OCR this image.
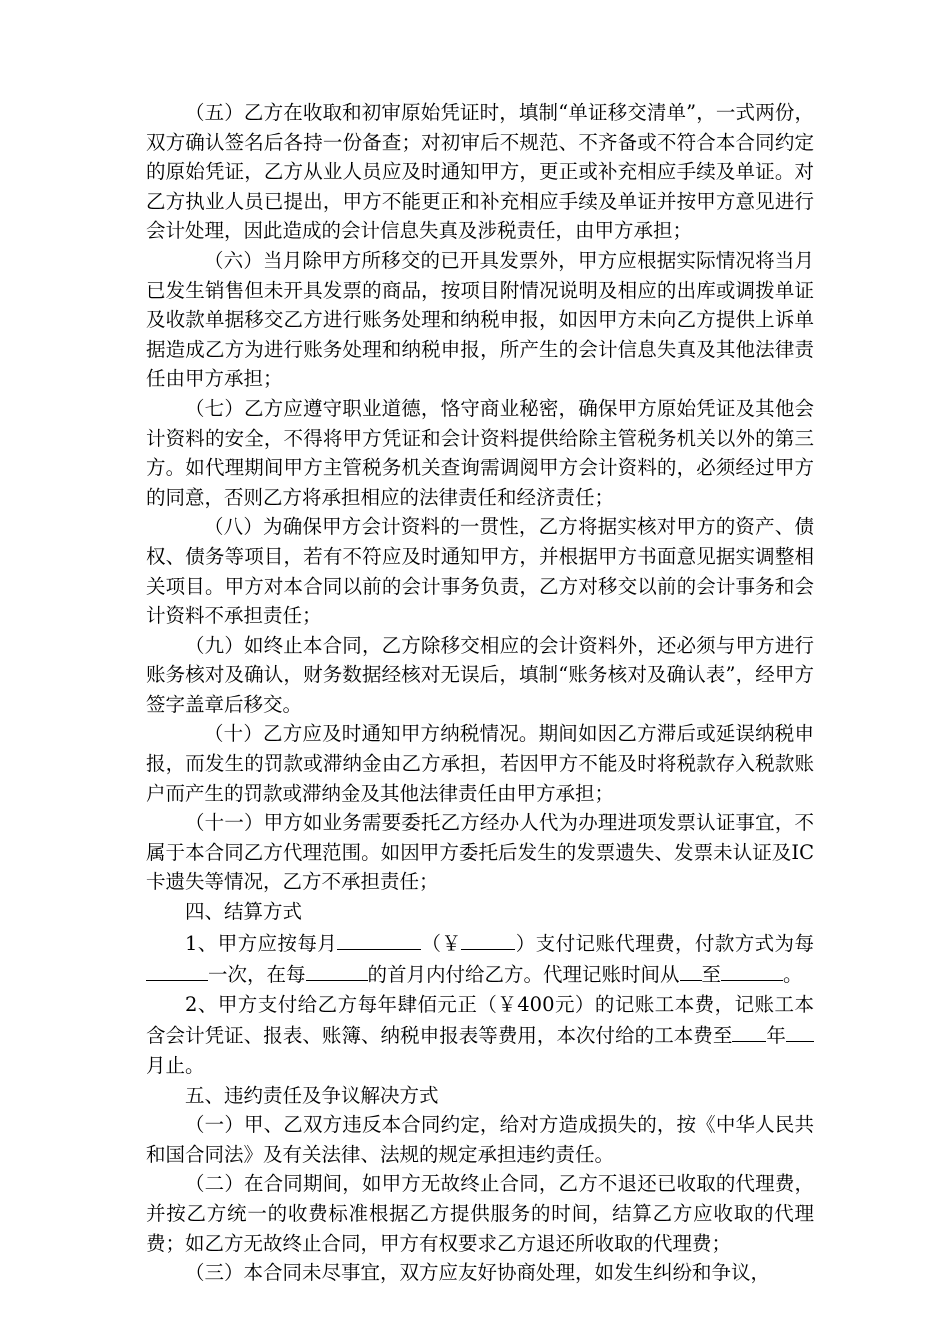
（五）乙方在收取和初审原始凭证时，填制“单证移交清单”，一式两份，双方确认签名后各持一份备查；对初审后不规范、不齐备或不符合本合同约定的原始凭证，乙方从业人员应及时通知甲方，更正或补充相应手续及单证。对乙方执业人员已提出，甲方不能更正和补充相应手续及单证并按甲方意见进行会计处理，因此造成的会计信息失真及涉税责任，由甲方承担；

（六）当月除甲方所移交的已开具发票外，甲方应根据实际情况将当月已发生销售但未开具发票的商品，按项目附情况说明及相应的出库或调拨单证及收款单据移交乙方进行账务处理和纳税申报，如因甲方未向乙方提供上诉单据造成乙方为进行账务处理和纳税申报，所产生的会计信息失真及其他法律责任由甲方承担；

（七）乙方应遵守职业道德，恪守商业秘密，确保甲方原始凭证及其他会计资料的安全，不得将甲方凭证和会计资料提供给除主管税务机关以外的第三方。如代理期间甲方主管税务机关查询需调阅甲方会计资料的，必须经过甲方的同意，否则乙方将承担相应的法律责任和经济责任；

（八）为确保甲方会计资料的一贯性，乙方将据实核对甲方的资产、债权、债务等项目，若有不符应及时通知甲方，并根据甲方书面意见据实调整相关项目。甲方对本合同以前的会计事务负责，乙方对移交以前的会计事务和会计资料不承担责任；

（九）如终止本合同，乙方除移交相应的会计资料外，还必须与甲方进行账务核对及确认，财务数据经核对无误后，填制“账务核对及确认表”，经甲方签字盖章后移交。

（十）乙方应及时通知甲方纳税情况。期间如因乙方滞后或延误纳税申报，而发生的罚款或滞纳金由乙方承担，若因甲方不能及时将税款存入税款账户而产生的罚款或滞纳金及其他法律责任由甲方承担；

（十一）甲方如业务需要委托乙方经办人代为办理进项发票认证事宜，不属于本合同乙方代理范围。如因甲方委托后发生的发票遗失、发票未认证及IC卡遗失等情况，乙方不承担责任；

四、结算方式

1、甲方应按每月	（￥	）支付记账代理费，付款方式为每一次，在每	的首月内付给乙方。代理记账时间从 至	。

2、甲方支付给乙方每年肆佰元正（￥400元）的记账工本费，记账工本含会计凭证、报表、账簿、纳税申报表等费用，本次付给的工本费至 年月止。

五、违约责任及争议解决方式

（一）甲、乙双方违反本合同约定，给对方造成损失的，按《中华人民共和国合同法》及有关法律、法规的规定承担违约责任。

（二）在合同期间，如甲方无故终止合同，乙方不退还已收取的代理费，并按乙方统一的收费标准根据乙方提供服务的时间，结算乙方应收取的代理费；如乙方无故终止合同，甲方有权要求乙方退还所收取的代理费；

（三）本合同未尽事宜，双方应友好协商处理，如发生纠纷和争议，
